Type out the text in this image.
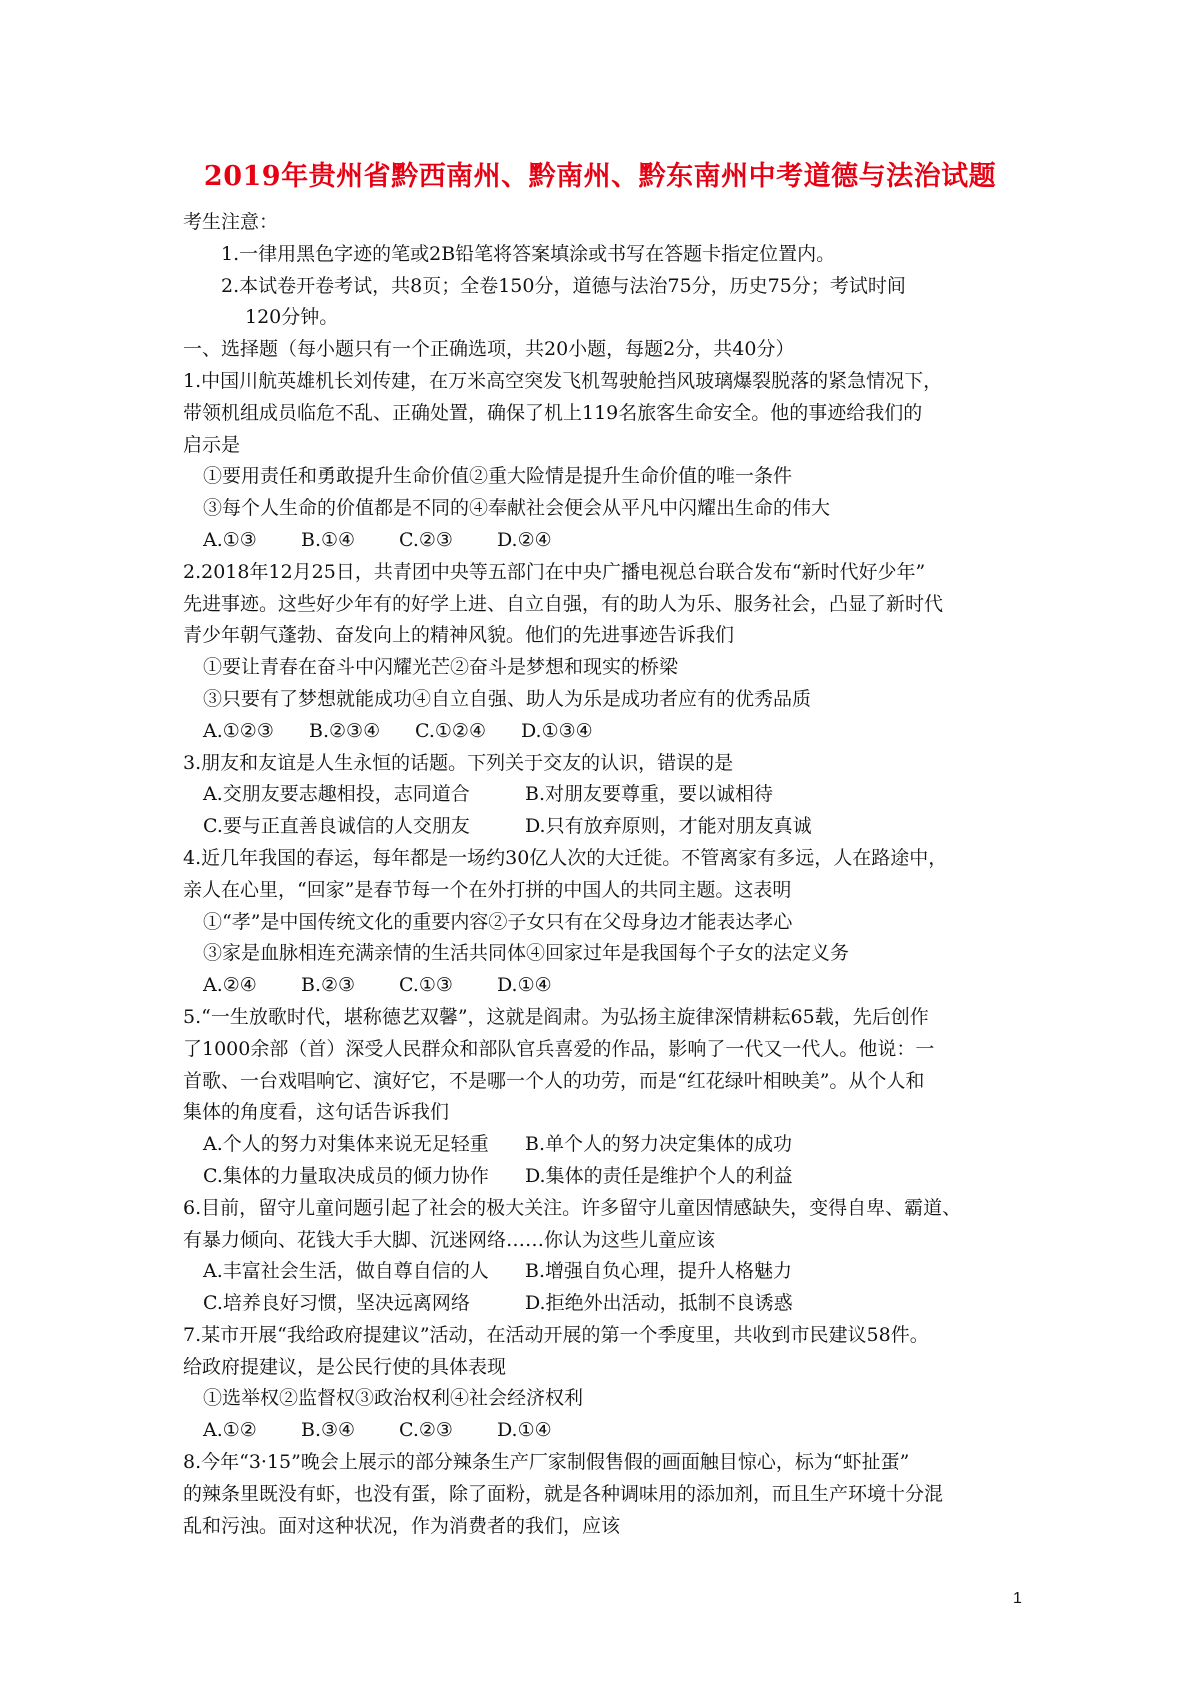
2019年贵州省黔西南州、黔南州、黔东南州中考道德与法治试题
考生注意：
1.一律用黑色字迹的笔或2B铅笔将答案填涂或书写在答题卡指定位置内。
2.本试卷开卷考试，共8页；全卷150分，道德与法治75分，历史75分；考试时间
120分钟。
一、选择题（每小题只有一个正确选项，共20小题，每题2分，共40分）
1.中国川航英雄机长刘传建，在万米高空突发飞机驾驶舱挡风玻璃爆裂脱落的紧急情况下，
带领机组成员临危不乱、正确处置，确保了机上119名旅客生命安全。他的事迹给我们的
启示是
①要用责任和勇敢提升生命价值②重大险情是提升生命价值的唯一条件
③每个人生命的价值都是不同的④奉献社会便会从平凡中闪耀出生命的伟大
A.①③ B.①④ C.②③ D.②④
2.2018年12月25日，共青团中央等五部门在中央广播电视总台联合发布“新时代好少年”
先进事迹。这些好少年有的好学上进、自立自强，有的助人为乐、服务社会，凸显了新时代
青少年朝气蓬勃、奋发向上的精神风貌。他们的先进事迹告诉我们
①要让青春在奋斗中闪耀光芒②奋斗是梦想和现实的桥梁
③只要有了梦想就能成功④自立自强、助人为乐是成功者应有的优秀品质
A.①②③ B.②③④ C.①②④ D.①③④
3.朋友和友谊是人生永恒的话题。下列关于交友的认识，错误的是
A.交朋友要志趣相投，志同道合	B.对朋友要尊重，要以诚相待
C.要与正直善良诚信的人交朋友	D.只有放弃原则，才能对朋友真诚
4.近几年我国的春运，每年都是一场约30亿人次的大迁徙。不管离家有多远，人在路途中，
亲人在心里，“回家”是春节每一个在外打拼的中国人的共同主题。这表明
①“孝”是中国传统文化的重要内容②子女只有在父母身边才能表达孝心
③家是血脉相连充满亲情的生活共同体④回家过年是我国每个子女的法定义务
A.②④ B.②③ C.①③ D.①④
5.“一生放歌时代，堪称德艺双馨”，这就是阎肃。为弘扬主旋律深情耕耘65载，先后创作
了1000余部（首）深受人民群众和部队官兵喜爱的作品，影响了一代又一代人。他说：一
首歌、一台戏唱响它、演好它，不是哪一个人的功劳，而是“红花绿叶相映美”。从个人和
集体的角度看，这句话告诉我们
A.个人的努力对集体来说无足轻重 B.单个人的努力决定集体的成功
C.集体的力量取决成员的倾力协作 D.集体的责任是维护个人的利益
6.目前，留守儿童问题引起了社会的极大关注。许多留守儿童因情感缺失，变得自卑、霸道、
有暴力倾向、花钱大手大脚、沉迷网络……你认为这些儿童应该
A.丰富社会生活，做自尊自信的人 B.增强自负心理，提升人格魅力
C.培养良好习惯，坚决远离网络	D.拒绝外出活动，抵制不良诱惑
7.某市开展“我给政府提建议”活动，在活动开展的第一个季度里，共收到市民建议58件。
给政府提建议，是公民行使的具体表现
①选举权②监督权③政治权利④社会经济权利
A.①② B.③④ C.②③ D.①④
8.今年“3·15”晚会上展示的部分辣条生产厂家制假售假的画面触目惊心，标为“虾扯蛋”
的辣条里既没有虾，也没有蛋，除了面粉，就是各种调味用的添加剂，而且生产环境十分混
乱和污浊。面对这种状况，作为消费者的我们，应该
1
